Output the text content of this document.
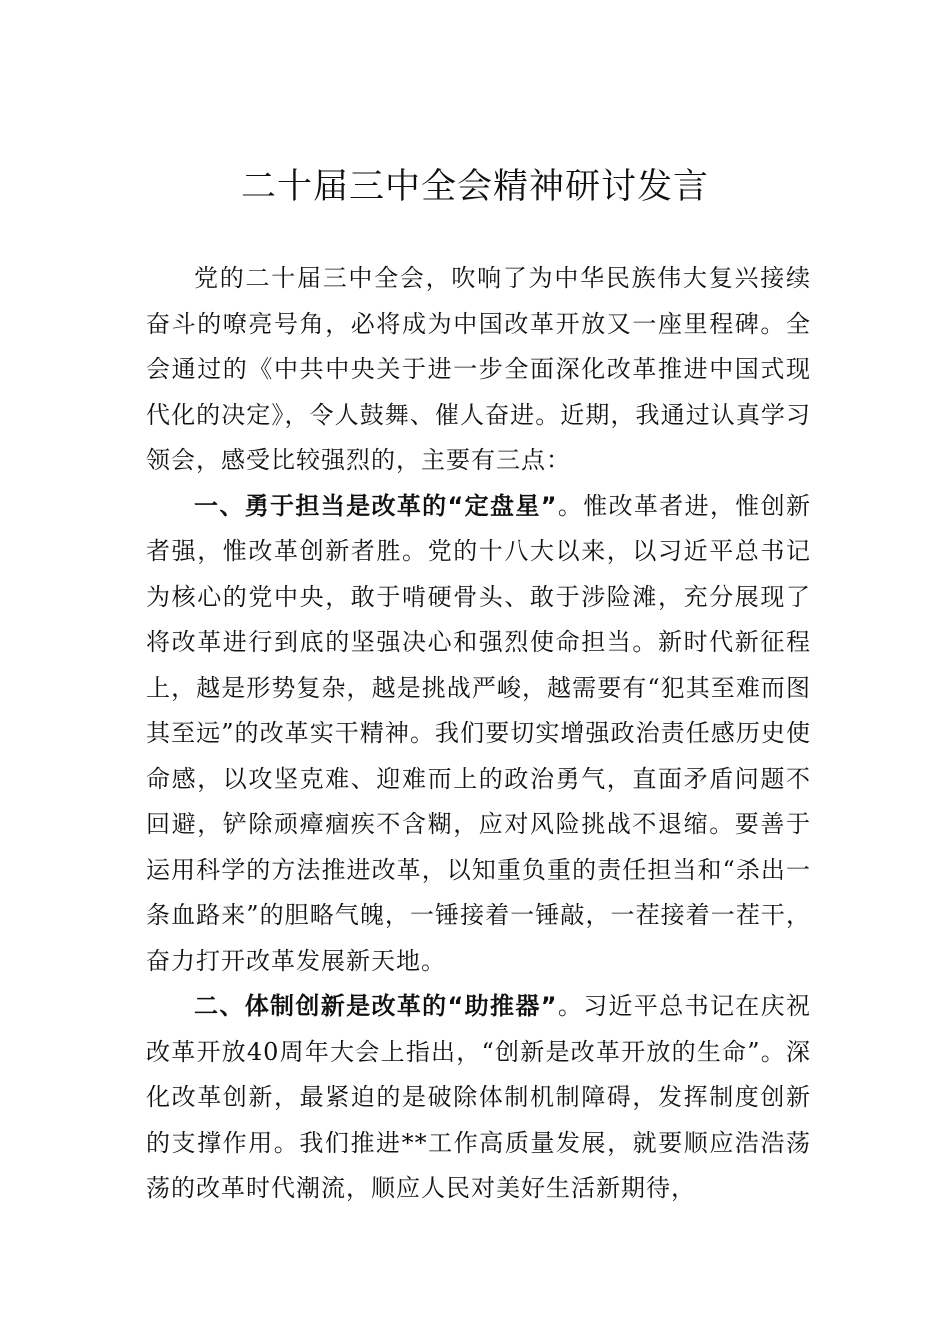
二十届三中全会精神研讨发言

党的二十届三中全会，吹响了为中华民族伟大复兴接续奋斗的嘹亮号角，必将成为中国改革开放又一座里程碑。全会通过的《中共中央关于进一步全面深化改革推进中国式现代化的决定》，令人鼓舞、催人奋进。近期，我通过认真学习领会，感受比较强烈的，主要有三点：

一、勇于担当是改革的“定盘星”。惟改革者进，惟创新者强，惟改革创新者胜。党的十八大以来，以习近平总书记为核心的党中央，敢于啃硬骨头、敢于涉险滩，充分展现了将改革进行到底的坚强决心和强烈使命担当。新时代新征程上，越是形势复杂，越是挑战严峻，越需要有“犯其至难而图其至远”的改革实干精神。我们要切实增强政治责任感历史使命感，以攻坚克难、迎难而上的政治勇气，直面矛盾问题不回避，铲除顽瘴痼疾不含糊，应对风险挑战不退缩。要善于运用科学的方法推进改革，以知重负重的责任担当和“杀出一条血路来”的胆略气魄，一锤接着一锤敲，一茬接着一茬干，奋力打开改革发展新天地。

二、体制创新是改革的“助推器”。习近平总书记在庆祝改革开放40周年大会上指出，“创新是改革开放的生命”。深化改革创新，最紧迫的是破除体制机制障碍，发挥制度创新的支撑作用。我们推进**工作高质量发展，就要顺应浩浩荡荡的改革时代潮流，顺应人民对美好生活新期待，
